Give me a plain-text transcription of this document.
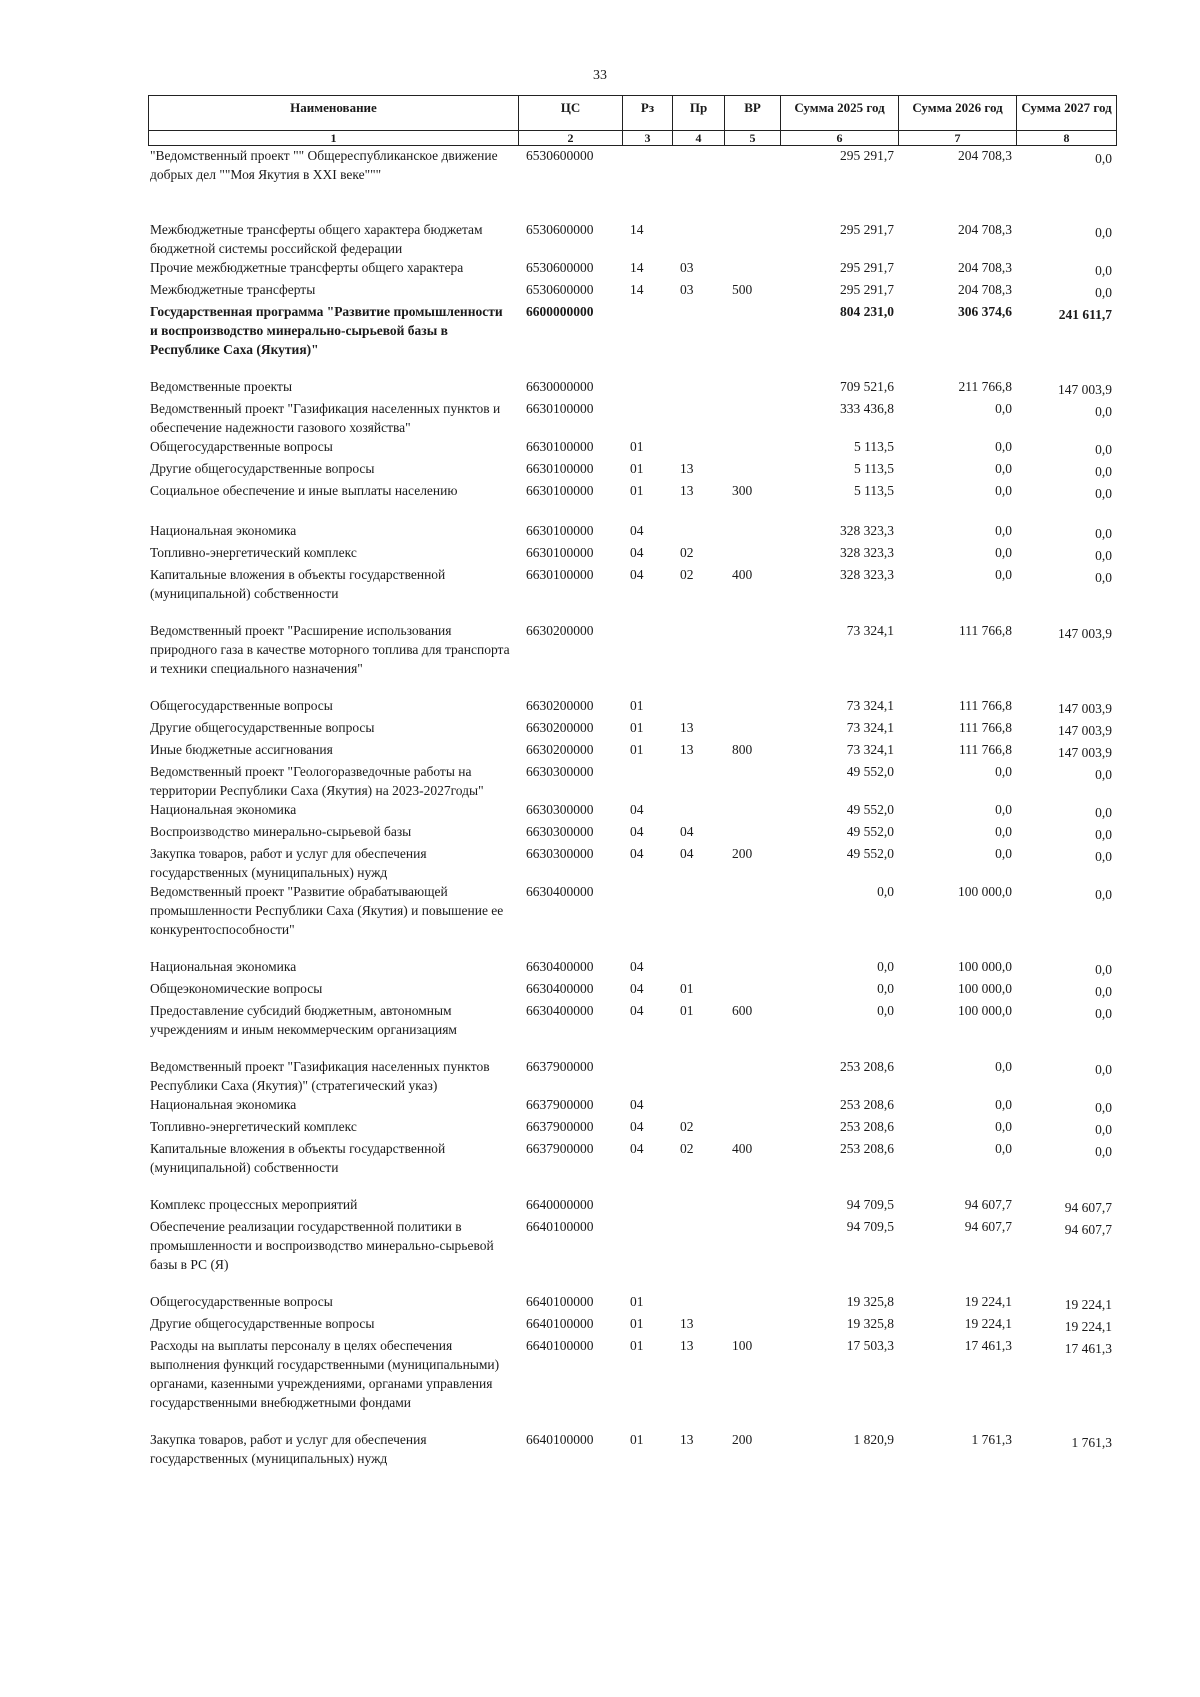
33
Наименование	ЦС	Рз	Пр	ВР	Сумма 2025 год	Сумма 2026 год	Сумма 2027 год
1	2	3	4	5	6	7	8
"Ведомственный проект "" Общереспубликанское движение добрых дел ""Моя Якутия в XXI веке"""	6530600000				295 291,7	204 708,3	0,0

Межбюджетные трансферты общего характера бюджетам бюджетной системы российской федерации	6530600000	14			295 291,7	204 708,3	0,0
Прочие межбюджетные трансферты общего характера	6530600000	14	03		295 291,7	204 708,3	0,0
Межбюджетные трансферты	6530600000	14	03	500	295 291,7	204 708,3	0,0
Государственная программа "Развитие промышленности и воспроизводство минерально-сырьевой базы в Республике Саха (Якутия)"	6600000000				804 231,0	306 374,6	241 611,7

Ведомственные проекты	6630000000				709 521,6	211 766,8	147 003,9
Ведомственный проект "Газификация населенных пунктов и обеспечение надежности газового хозяйства"	6630100000				333 436,8	0,0	0,0
Общегосударственные вопросы	6630100000	01			5 113,5	0,0	0,0
Другие общегосударственные вопросы	6630100000	01	13		5 113,5	0,0	0,0
Социальное обеспечение и иные выплаты населению	6630100000	01	13	300	5 113,5	0,0	0,0

Национальная экономика	6630100000	04			328 323,3	0,0	0,0
Топливно-энергетический комплекс	6630100000	04	02		328 323,3	0,0	0,0
Капитальные вложения в объекты государственной (муниципальной) собственности	6630100000	04	02	400	328 323,3	0,0	0,0

Ведомственный проект "Расширение использования природного газа в качестве моторного топлива для транспорта и техники специального назначения"	6630200000				73 324,1	111 766,8	147 003,9

Общегосударственные вопросы	6630200000	01			73 324,1	111 766,8	147 003,9
Другие общегосударственные вопросы	6630200000	01	13		73 324,1	111 766,8	147 003,9
Иные бюджетные ассигнования	6630200000	01	13	800	73 324,1	111 766,8	147 003,9
Ведомственный проект "Геологоразведочные работы на территории Республики Саха (Якутия) на 2023-2027годы"	6630300000				49 552,0	0,0	0,0
Национальная экономика	6630300000	04			49 552,0	0,0	0,0
Воспроизводство минерально-сырьевой базы	6630300000	04	04		49 552,0	0,0	0,0
Закупка товаров, работ и услуг для обеспечения государственных (муниципальных) нужд	6630300000	04	04	200	49 552,0	0,0	0,0
Ведомственный проект "Развитие обрабатывающей промышленности Республики Саха (Якутия) и повышение ее конкурентоспособности"	6630400000				0,0	100 000,0	0,0

Национальная экономика	6630400000	04			0,0	100 000,0	0,0
Общеэкономические вопросы	6630400000	04	01		0,0	100 000,0	0,0
Предоставление субсидий бюджетным, автономным учреждениям и иным некоммерческим организациям	6630400000	04	01	600	0,0	100 000,0	0,0

Ведомственный проект "Газификация населенных пунктов Республики Саха (Якутия)" (стратегический указ)	6637900000				253 208,6	0,0	0,0
Национальная экономика	6637900000	04			253 208,6	0,0	0,0
Топливно-энергетический комплекс	6637900000	04	02		253 208,6	0,0	0,0
Капитальные вложения в объекты государственной (муниципальной) собственности	6637900000	04	02	400	253 208,6	0,0	0,0

Комплекс процессных мероприятий	6640000000				94 709,5	94 607,7	94 607,7
Обеспечение реализации государственной политики в промышленности и воспроизводство минерально-сырьевой базы в РС (Я)	6640100000				94 709,5	94 607,7	94 607,7

Общегосударственные вопросы	6640100000	01			19 325,8	19 224,1	19 224,1
Другие общегосударственные вопросы	6640100000	01	13		19 325,8	19 224,1	19 224,1
Расходы на выплаты персоналу в целях обеспечения выполнения функций государственными (муниципальными) органами, казенными учреждениями, органами управления государственными внебюджетными фондами	6640100000	01	13	100	17 503,3	17 461,3	17 461,3

Закупка товаров, работ и услуг для обеспечения государственных (муниципальных) нужд	6640100000	01	13	200	1 820,9	1 761,3	1 761,3
